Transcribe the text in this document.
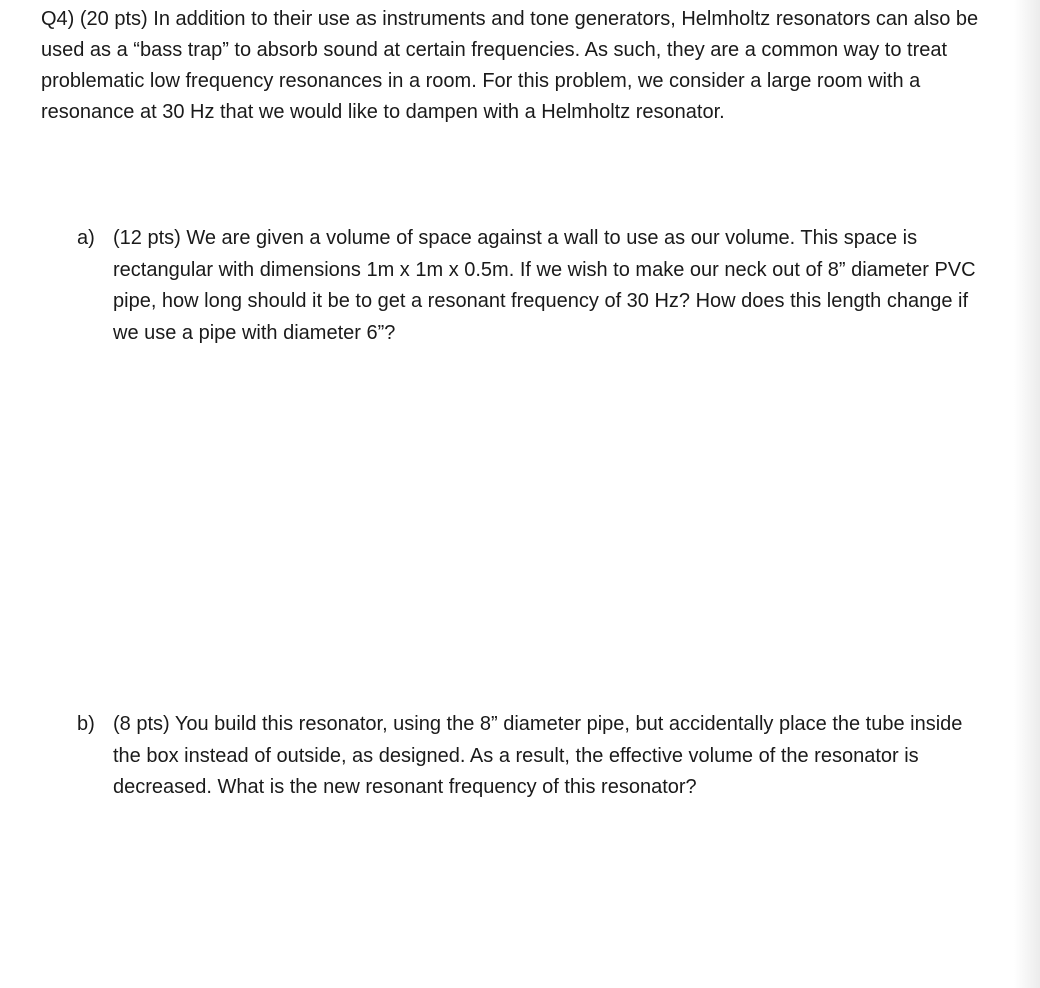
Q4) (20 pts) In addition to their use as instruments and tone generators, Helmholtz resonators can also be used as a “bass trap” to absorb sound at certain frequencies. As such, they are a common way to treat problematic low frequency resonances in a room. For this problem, we consider a large room with a resonance at 30 Hz that we would like to dampen with a Helmholtz resonator.

a) (12 pts) We are given a volume of space against a wall to use as our volume. This space is rectangular with dimensions 1m x 1m x 0.5m. If we wish to make our neck out of 8” diameter PVC pipe, how long should it be to get a resonant frequency of 30 Hz? How does this length change if we use a pipe with diameter 6”?

b) (8 pts) You build this resonator, using the 8” diameter pipe, but accidentally place the tube inside the box instead of outside, as designed. As a result, the effective volume of the resonator is decreased. What is the new resonant frequency of this resonator?
